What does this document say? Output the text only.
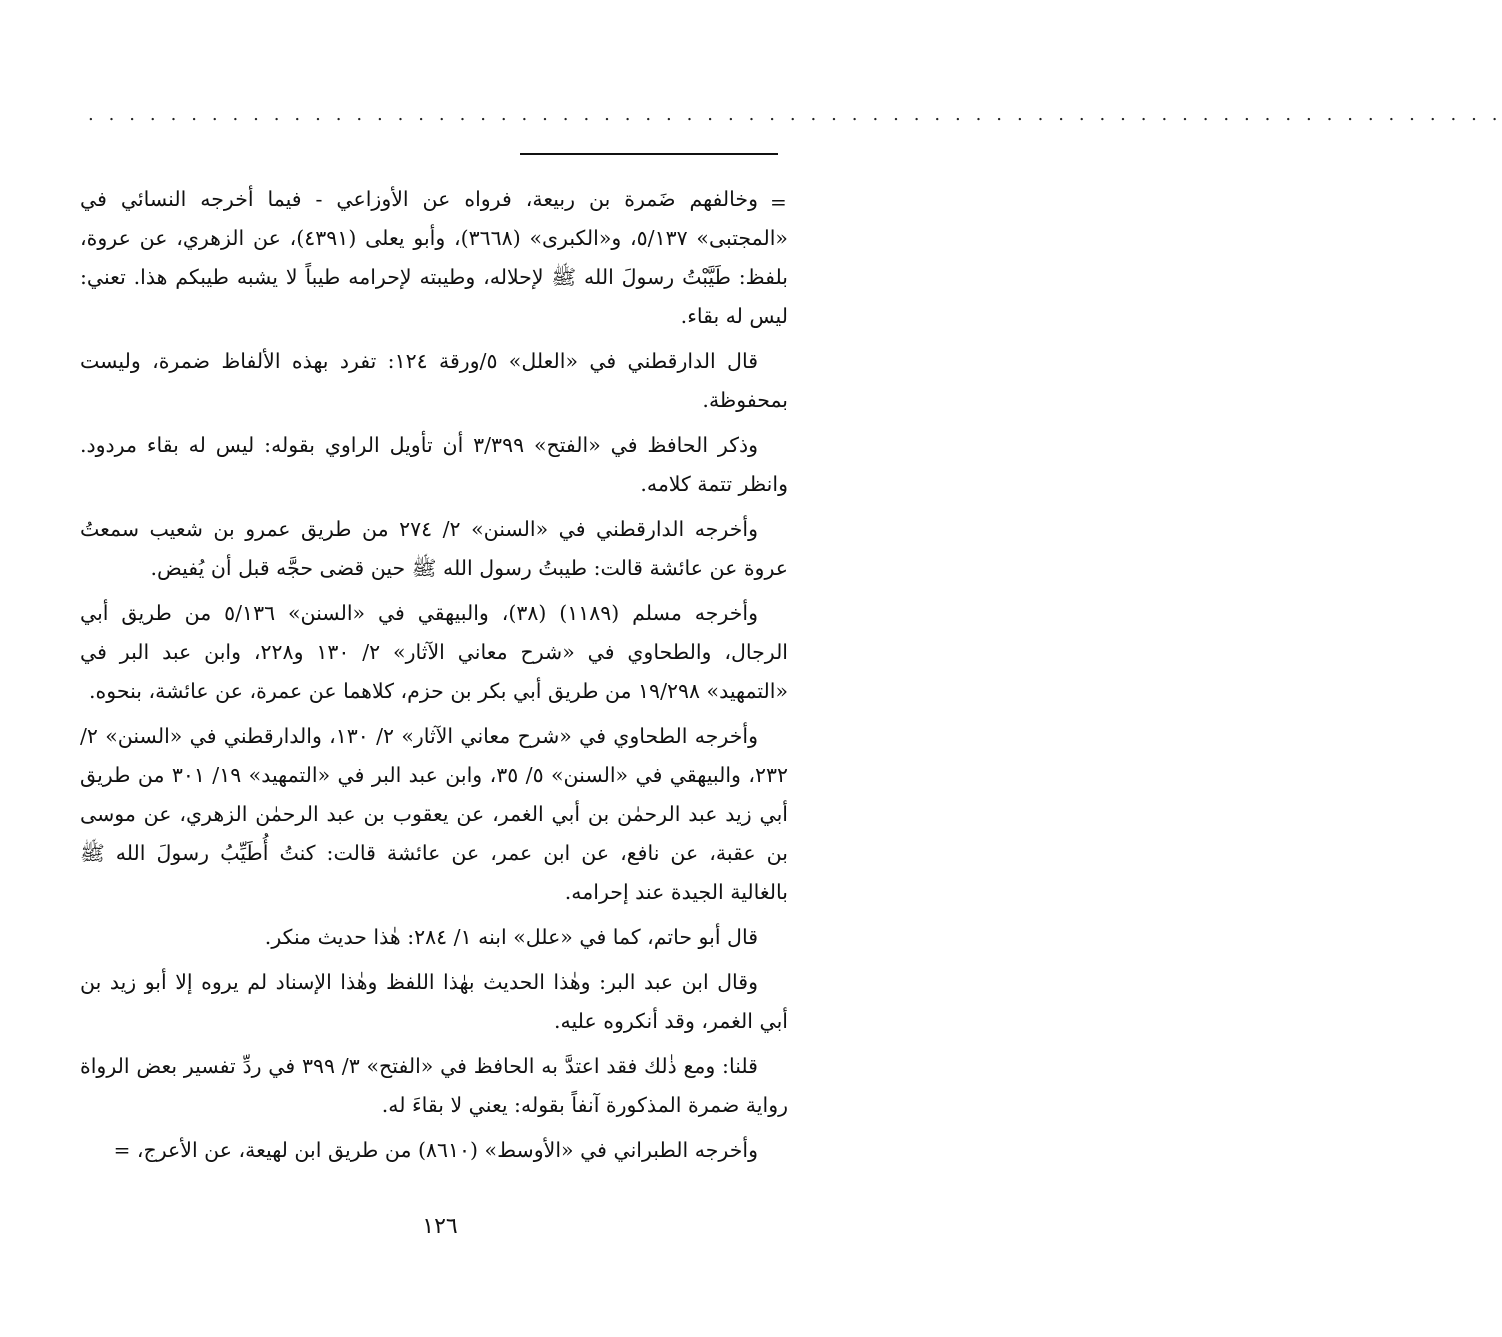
. . . . . . . . . . . . . . . . . . . . . . . . . . . . . . . . . . . . . . . . . . . . . . . . . . . . . . . . . . . . . . . . . . . . .
=

وخالفهم ضَمرة بن ربيعة، فرواه عن الأوزاعي - فيما أخرجه النسائي في «المجتبى» ٥/١٣٧، و«الكبرى» (٣٦٦٨)، وأبو يعلى (٤٣٩١)، عن الزهري، عن عروة، بلفظ: طَيَّبْتُ رسولَ الله ﷺ لإحلاله، وطيبته لإحرامه طيباً لا يشبه طيبكم هذا. تعني: ليس له بقاء.

قال الدارقطني في «العلل» ٥/ورقة ١٢٤: تفرد بهذه الألفاظ ضمرة، وليست بمحفوظة.

وذكر الحافظ في «الفتح» ٣/٣٩٩ أن تأويل الراوي بقوله: ليس له بقاء مردود. وانظر تتمة كلامه.

وأخرجه الدارقطني في «السنن» ٢/ ٢٧٤ من طريق عمرو بن شعيب سمعتُ عروة عن عائشة قالت: طيبتُ رسول الله ﷺ حين قضى حجَّه قبل أن يُفيض.

وأخرجه مسلم (١١٨٩) (٣٨)، والبيهقي في «السنن» ٥/١٣٦ من طريق أبي الرجال، والطحاوي في «شرح معاني الآثار» ٢/ ١٣٠ و٢٢٨، وابن عبد البر في «التمهيد» ١٩/٢٩٨ من طريق أبي بكر بن حزم، كلاهما عن عمرة، عن عائشة، بنحوه.

وأخرجه الطحاوي في «شرح معاني الآثار» ٢/ ١٣٠، والدارقطني في «السنن» ٢/ ٢٣٢، والبيهقي في «السنن» ٥/ ٣٥، وابن عبد البر في «التمهيد» ١٩/ ٣٠١ من طريق أبي زيد عبد الرحمٰن بن أبي الغمر، عن يعقوب بن عبد الرحمٰن الزهري، عن موسى بن عقبة، عن نافع، عن ابن عمر، عن عائشة قالت: كنتُ أُطَيِّبُ رسولَ الله ﷺ بالغالية الجيدة عند إحرامه.

قال أبو حاتم، كما في «علل» ابنه ١/ ٢٨٤: هٰذا حديث منكر.

وقال ابن عبد البر: وهٰذا الحديث بهٰذا اللفظ وهٰذا الإسناد لم يروه إلا أبو زيد بن أبي الغمر، وقد أنكروه عليه.

قلنا: ومع ذٰلك فقد اعتدَّ به الحافظ في «الفتح» ٣/ ٣٩٩ في ردِّ تفسير بعض الرواة رواية ضمرة المذكورة آنفاً بقوله: يعني لا بقاءَ له.

وأخرجه الطبراني في «الأوسط» (٨٦١٠) من طريق ابن لهيعة، عن الأعرج، =

١٢٦
